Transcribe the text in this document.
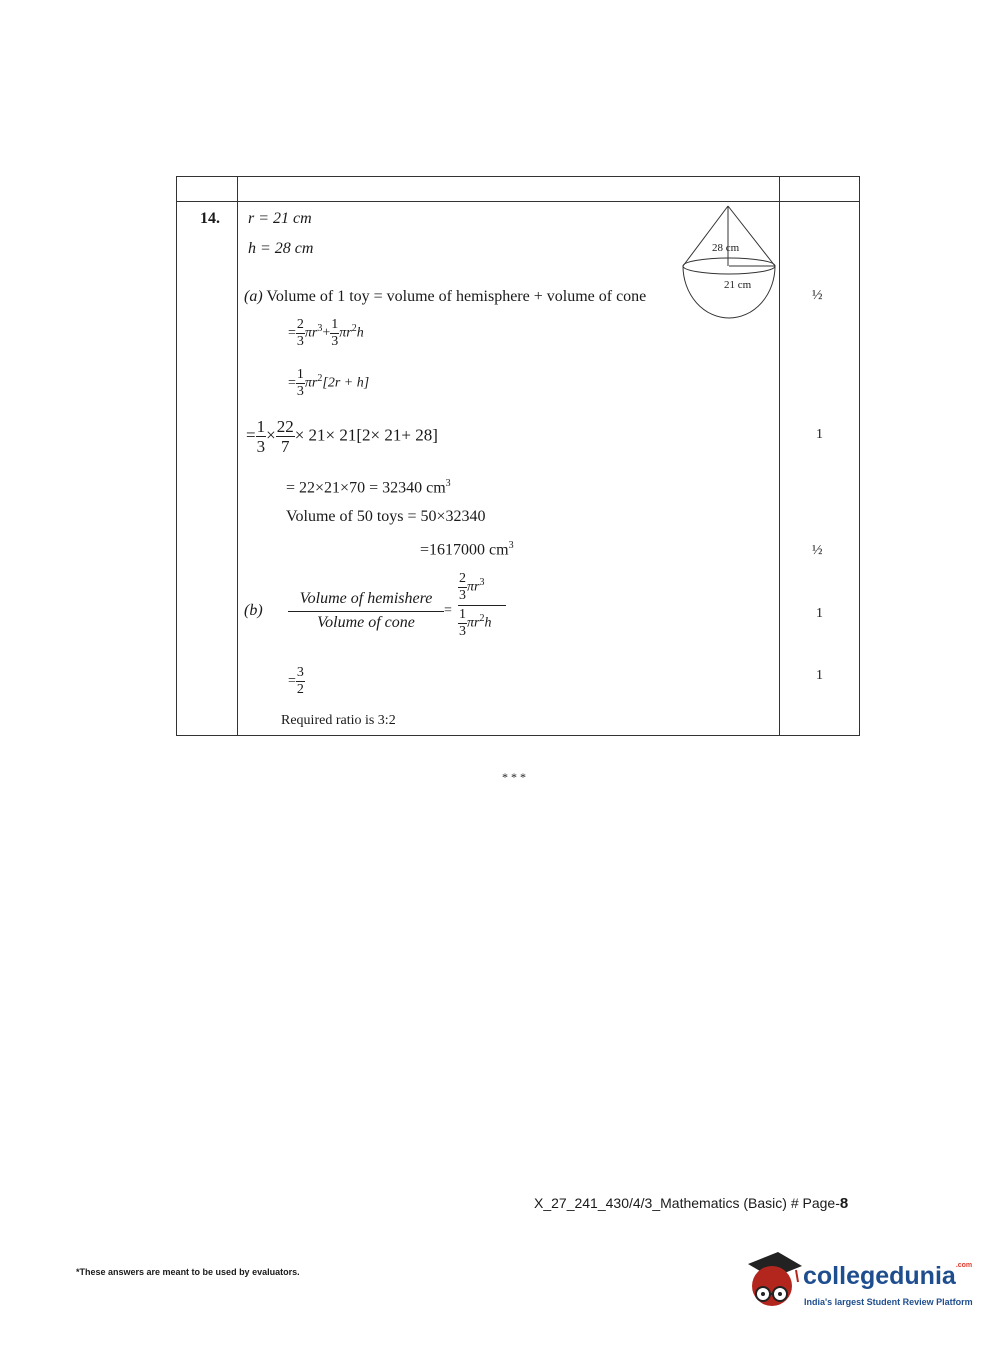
14. r = 21 cm
h = 28 cm	28 cm
21 cm
(a) Volume of 1 toy = volume of hemisphere + volume of cone
= $\frac{2}{3} \pi r^3+ \frac{1}{3} \pi r^2h$
= $\frac{1}{3} \pi r^2[2r + h]$
= $\frac{1}{3} \times \frac{22}{7} \times 21\times 21[2\times 21+ 28]$
= 22×21×70 = 32340 $cm^3$
Volume of 50 toys = 50×32340
=1617000 $cm^3$
(b)
Volume of hemishere
Volume of cone
=
$\frac{2}{3} \pi r^3$
$\frac{1}{3} \pi r^2h$
= $\frac{3}{2}$
Required ratio is 3:2
½
1
½
1
1
* * *
X_27_241_430/4/3_Mathematics (Basic) # Page-8
*These answers are meant to be used by evaluators.	collegedunia$^{.com}$
India's largest Student Review Platform
